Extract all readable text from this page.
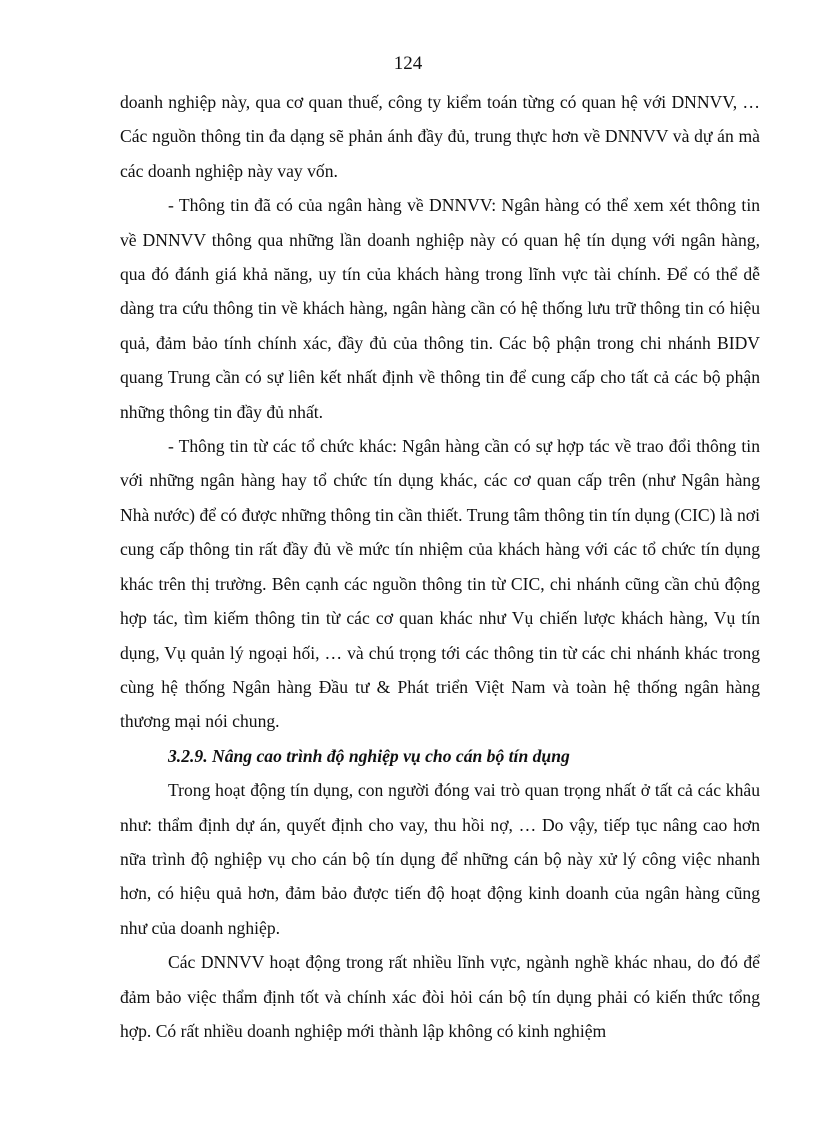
124

doanh nghiệp này, qua cơ quan thuế, công ty kiểm toán từng có quan hệ với DNNVV, … Các nguồn thông tin đa dạng sẽ phản ánh đầy đủ, trung thực hơn về DNNVV và dự án mà các doanh nghiệp này vay vốn.

- Thông tin đã có của ngân hàng về DNNVV: Ngân hàng có thể xem xét thông tin về DNNVV thông qua những lần doanh nghiệp này có quan hệ tín dụng với ngân hàng, qua đó đánh giá khả năng, uy tín của khách hàng trong lĩnh vực tài chính. Để có thể dễ dàng tra cứu thông tin về khách hàng, ngân hàng cần có hệ thống lưu trữ thông tin có hiệu quả, đảm bảo tính chính xác, đầy đủ của thông tin. Các bộ phận trong chi nhánh BIDV quang Trung cần có sự liên kết nhất định về thông tin để cung cấp cho tất cả các bộ phận những thông tin đầy đủ nhất.

- Thông tin từ các tổ chức khác: Ngân hàng cần có sự hợp tác về trao đổi thông tin với những ngân hàng hay tổ chức tín dụng khác, các cơ quan cấp trên (như Ngân hàng Nhà nước) để có được những thông tin cần thiết. Trung tâm thông tin tín dụng (CIC) là nơi cung cấp thông tin rất đầy đủ về mức tín nhiệm của khách hàng với các tổ chức tín dụng khác trên thị trường. Bên cạnh các nguồn thông tin từ CIC, chi nhánh cũng cần chủ động hợp tác, tìm kiếm thông tin từ các cơ quan khác như Vụ chiến lược khách hàng, Vụ tín dụng, Vụ quản lý ngoại hối, … và chú trọng tới các thông tin từ các chi nhánh khác trong cùng hệ thống Ngân hàng Đầu tư & Phát triển Việt Nam và toàn hệ thống ngân hàng thương mại nói chung.

3.2.9. Nâng cao trình độ nghiệp vụ cho cán bộ tín dụng

Trong hoạt động tín dụng, con người đóng vai trò quan trọng nhất ở tất cả các khâu như: thẩm định dự án, quyết định cho vay, thu hồi nợ, … Do vậy, tiếp tục nâng cao hơn nữa trình độ nghiệp vụ cho cán bộ tín dụng để những cán bộ này xử lý công việc nhanh hơn, có hiệu quả hơn, đảm bảo được tiến độ hoạt động kinh doanh của ngân hàng cũng như của doanh nghiệp.

Các DNNVV hoạt động trong rất nhiều lĩnh vực, ngành nghề khác nhau, do đó để đảm bảo việc thẩm định tốt và chính xác đòi hỏi cán bộ tín dụng phải có kiến thức tổng hợp. Có rất nhiều doanh nghiệp mới thành lập không có kinh nghiệm
